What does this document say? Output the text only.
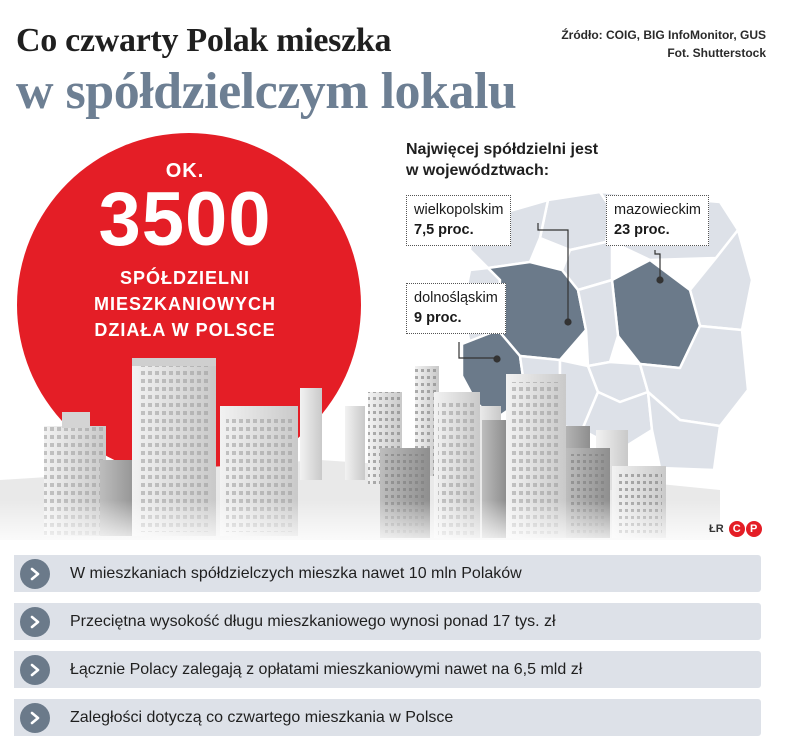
Co czwarty Polak mieszka
w spółdzielczym lokalu
Źródło: COIG, BIG InfoMonitor, GUS
Fot. Shutterstock
OK.
3500
SPÓŁDZIELNI
MIESZKANIOWYCH
DZIAŁA W POLSCE
Najwięcej spółdzielni jest
w województwach:
wielkopolskim
7,5 proc.
mazowieckim
23 proc.
dolnośląskim
9 proc.
ŁR C P
W mieszkaniach spółdzielczych mieszka nawet 10 mln Polaków
Przeciętna wysokość długu mieszkaniowego wynosi ponad 17 tys. zł
Łącznie Polacy zalegają z opłatami mieszkaniowymi nawet na 6,5 mld zł
Zaległości dotyczą co czwartego mieszkania w Polsce
